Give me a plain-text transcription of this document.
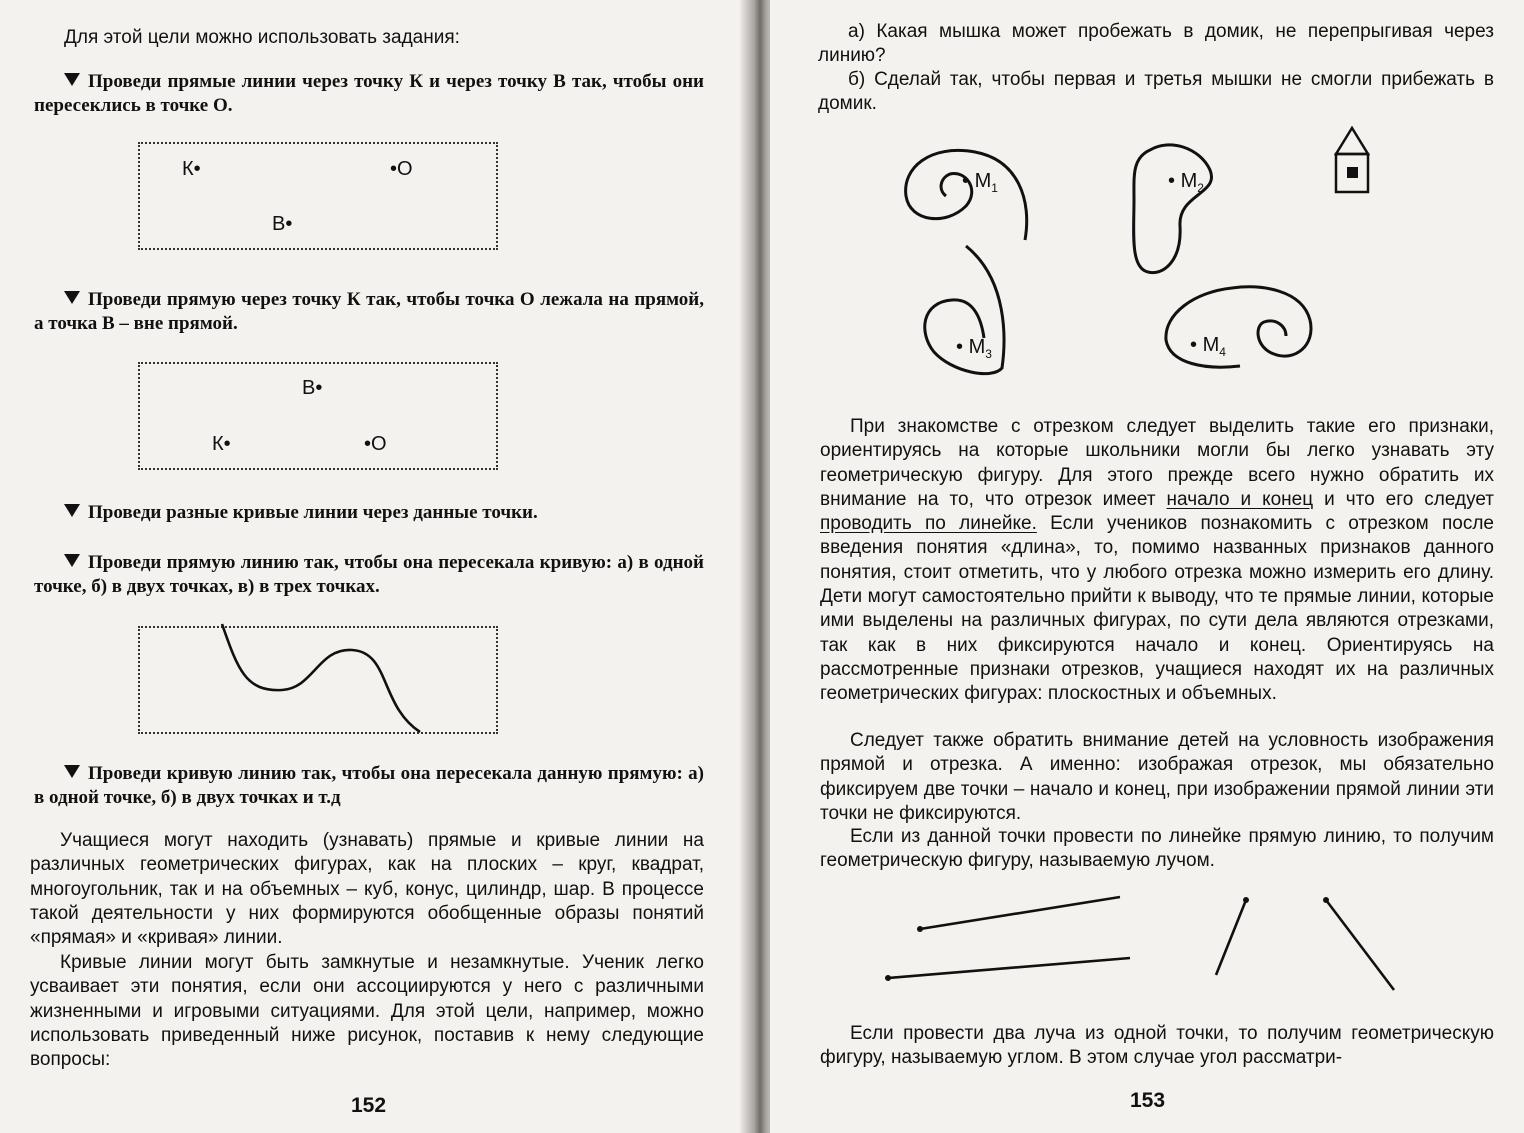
Для этой цели можно использовать задания:

Проведи прямые линии через точку К и через точку В так, чтобы они пересеклись в точке О.

К•	•О
В•

Проведи прямую через точку К так, чтобы точка О лежала на прямой, а точка В – вне прямой.

В•
К•	•О

Проведи разные кривые линии через данные точки.

Проведи прямую линию так, чтобы она пересекала кривую: а) в одной точке, б) в двух точках, в) в трех точках.

Проведи кривую линию так, чтобы она пересекала данную прямую: а) в одной точке, б) в двух точках и т.д

Учащиеся могут находить (узнавать) прямые и кривые линии на различных геометрических фигурах, как на плоских – круг, квадрат, многоугольник, так и на объемных – куб, конус, цилиндр, шар. В процессе такой деятельности у них формируются обобщенные образы понятий «прямая» и «кривая» линии.

Кривые линии могут быть замкнутые и незамкнутые. Ученик легко усваивает эти понятия, если они ассоциируются у него с различными жизненными и игровыми ситуациями. Для этой цели, например, можно использовать приведенный ниже рисунок, поставив к нему следующие вопросы:

152

а) Какая мышка может пробежать в домик, не перепрыгивая через линию?

б) Сделай так, чтобы первая и третья мышки не смогли прибежать в домик.

• $М_1$	• $М_2$
• $М_3$	• $М_4$

При знакомстве с отрезком следует выделить такие его признаки, ориентируясь на которые школьники могли бы легко узнавать эту геометрическую фигуру. Для этого прежде всего нужно обратить их внимание на то, что отрезок имеет начало и конец и что его следует проводить по линейке. Если учеников познакомить с отрезком после введения понятия «длина», то, помимо названных признаков данного понятия, стоит отметить, что у любого отрезка можно измерить его длину. Дети могут самостоятельно прийти к выводу, что те прямые линии, которые ими выделены на различных фигурах, по сути дела являются отрезками, так как в них фиксируются начало и конец. Ориентируясь на рассмотренные признаки отрезков, учащиеся находят их на различных геометрических фигурах: плоскостных и объемных.

Следует также обратить внимание детей на условность изображения прямой и отрезка. А именно: изображая отрезок, мы обязательно фиксируем две точки – начало и конец, при изображении прямой линии эти точки не фиксируются.

Если из данной точки провести по линейке прямую линию, то получим геометрическую фигуру, называемую лучом.

Если провести два луча из одной точки, то получим геометрическую фигуру, называемую углом. В этом случае угол рассматри-

153
